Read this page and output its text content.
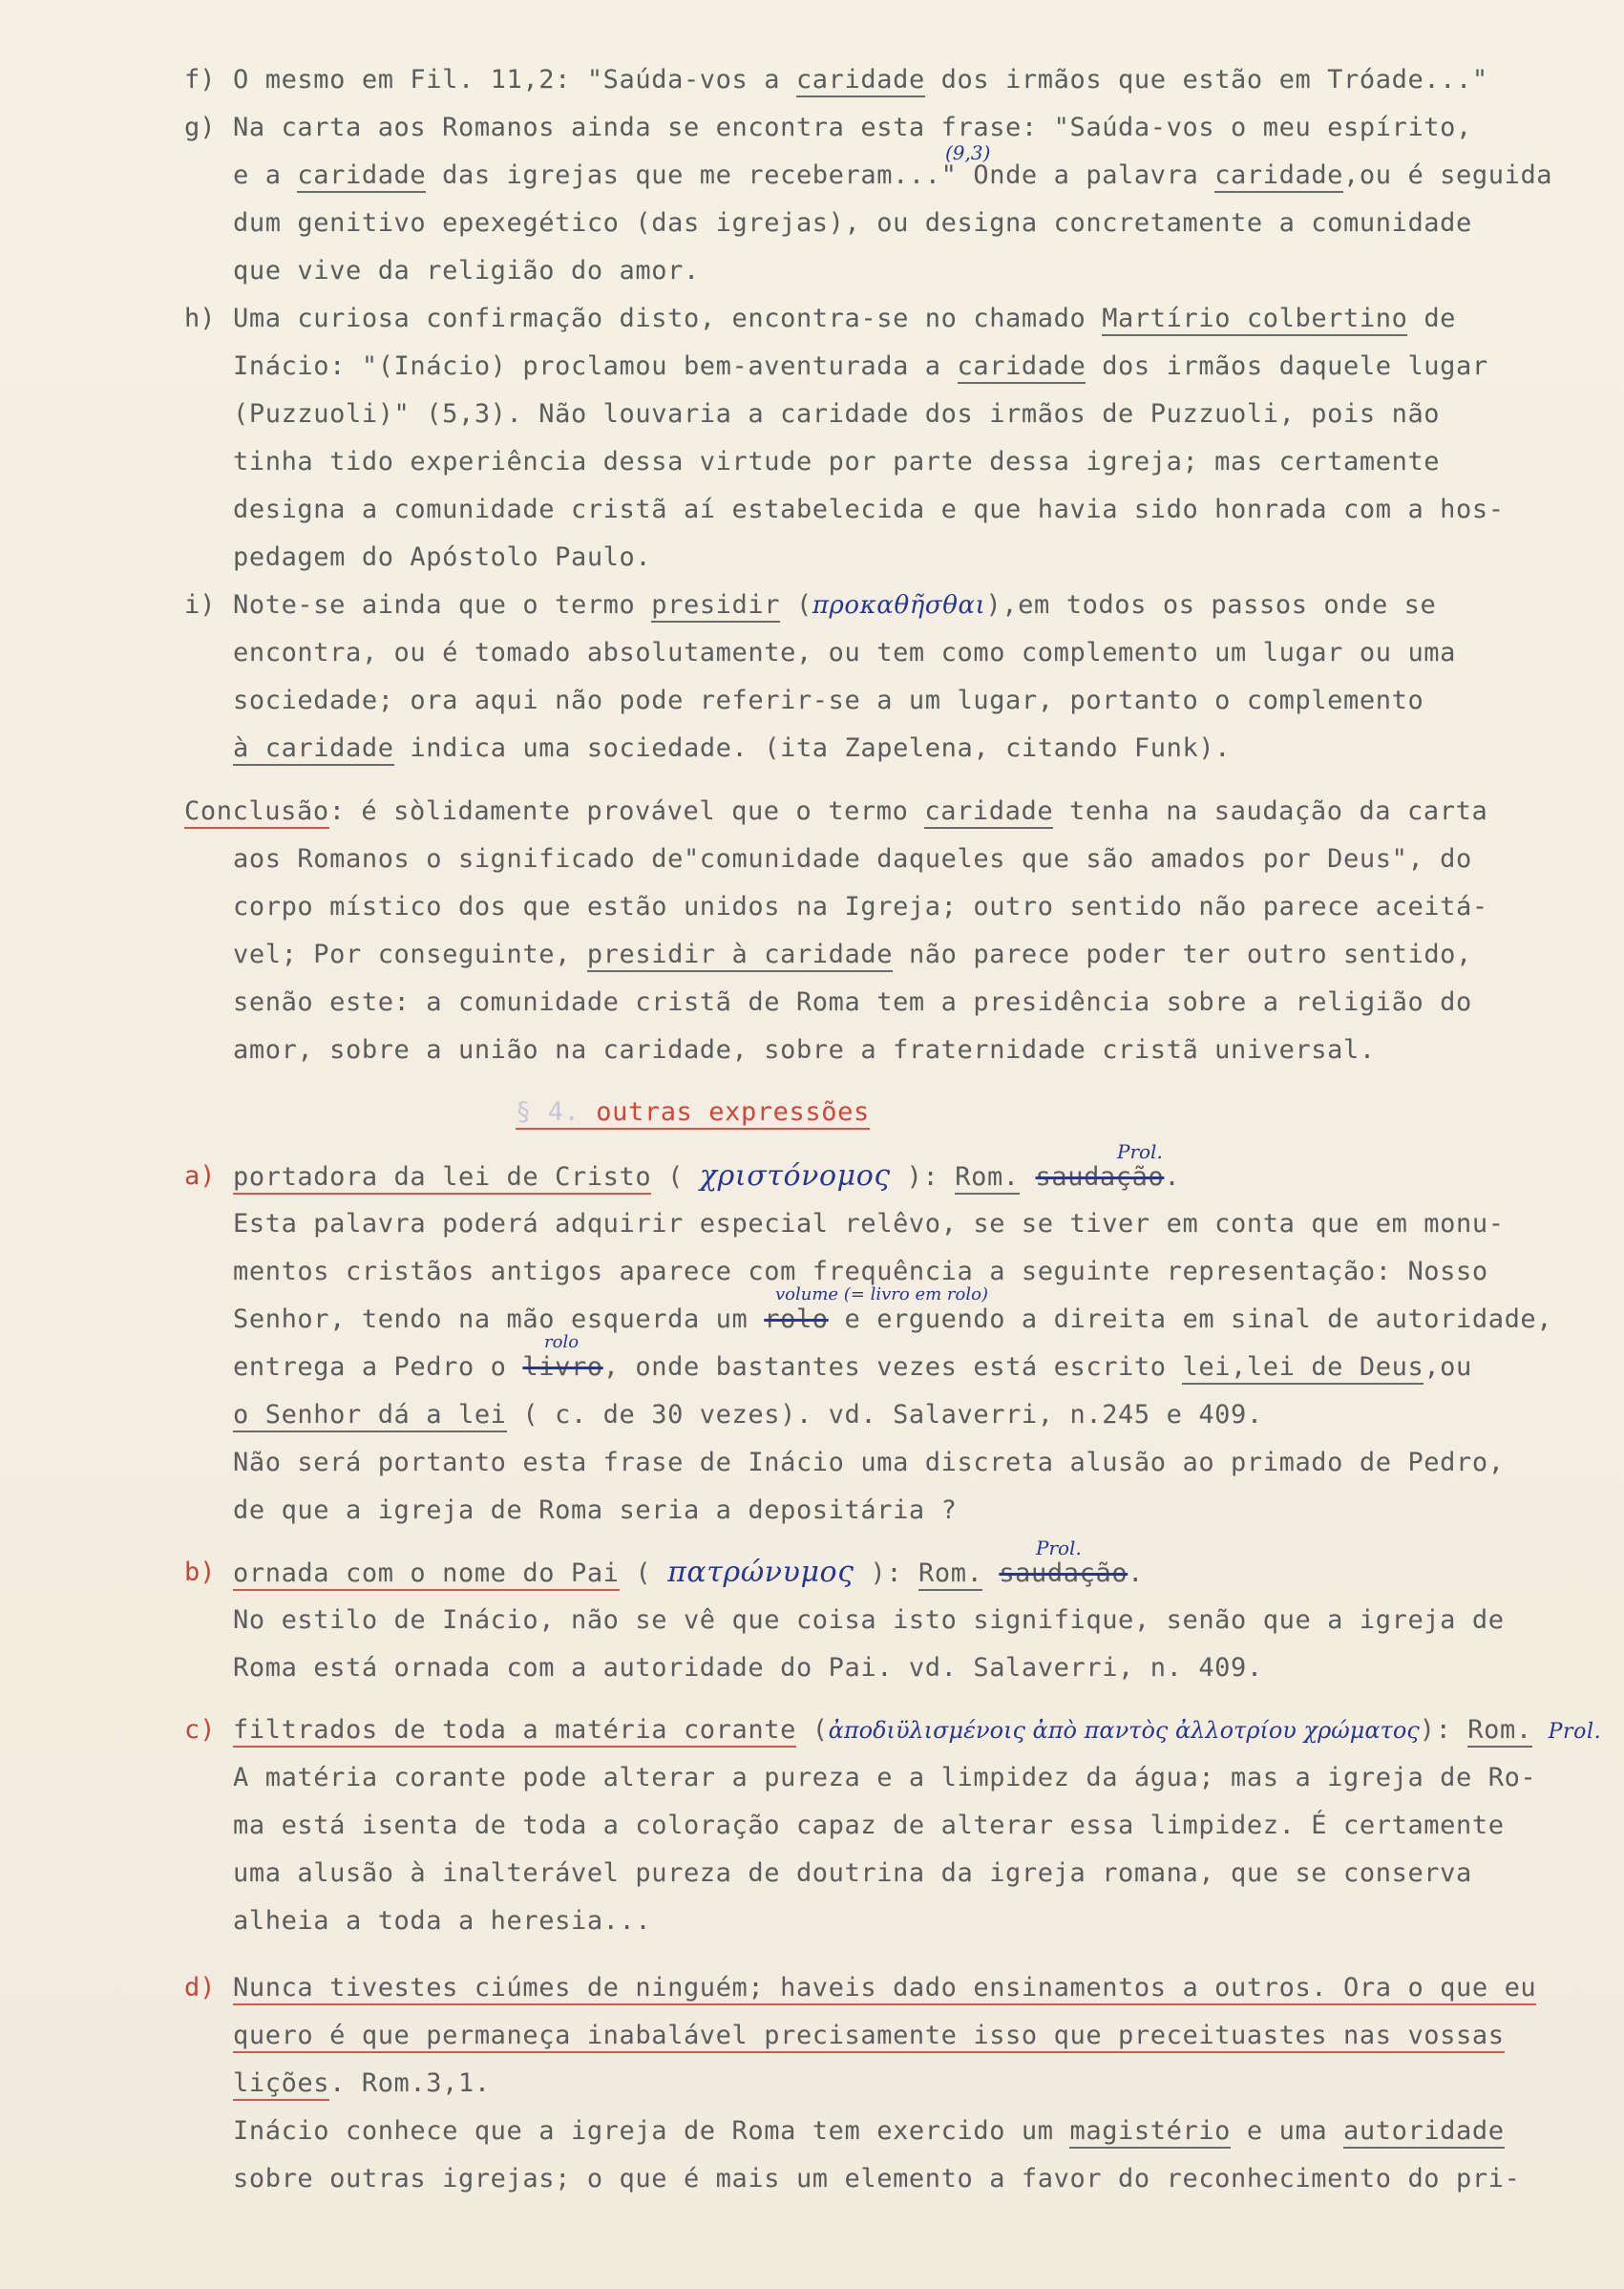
f) O mesmo em Fil. 11,2: "Saúda-vos a caridade dos irmãos que estão em Tróade..."
g) Na carta aos Romanos ainda se encontra esta frase: "Saúda-vos o meu espírito,
(9,3)
e a caridade das igrejas que me receberam..." Onde a palavra caridade,ou é seguida
dum genitivo epexegético (das igrejas), ou designa concretamente a comunidade
que vive da religião do amor.
h) Uma curiosa confirmação disto, encontra-se no chamado Martírio colbertino de
Inácio: "(Inácio) proclamou bem-aventurada a caridade dos irmãos daquele lugar
(Puzzuoli)" (5,3). Não louvaria a caridade dos irmãos de Puzzuoli, pois não
tinha tido experiência dessa virtude por parte dessa igreja; mas certamente
designa a comunidade cristã aí estabelecida e que havia sido honrada com a hos-
pedagem do Apóstolo Paulo.
i) Note-se ainda que o termo presidir (προκαθῆσθαι),em todos os passos onde se
encontra, ou é tomado absolutamente, ou tem como complemento um lugar ou uma
sociedade; ora aqui não pode referir-se a um lugar, portanto o complemento
à caridade indica uma sociedade. (ita Zapelena, citando Funk).
Conclusão: é sòlidamente provável que o termo caridade tenha na saudação da carta
aos Romanos o significado de"comunidade daqueles que são amados por Deus", do
corpo místico dos que estão unidos na Igreja; outro sentido não parece aceitá-
vel; Por conseguinte, presidir à caridade não parece poder ter outro sentido,
senão este: a comunidade cristã de Roma tem a presidência sobre a religião do
amor, sobre a união na caridade, sobre a fraternidade cristã universal.
§ 4. outras expressões
a)
Prol.
portadora da lei de Cristo ( χριστόνομος ): Rom. saudação.
Esta palavra poderá adquirir especial relêvo, se se tiver em conta que em monu-
mentos cristãos antigos aparece com frequência a seguinte representação: Nosso
volume (= livro em rolo)
Senhor, tendo na mão esquerda um rolo e erguendo a direita em sinal de autoridade,
rolo
entrega a Pedro o livro, onde bastantes vezes está escrito lei,lei de Deus,ou
o Senhor dá a lei ( c. de 30 vezes). vd. Salaverri, n.245 e 409.
Não será portanto esta frase de Inácio uma discreta alusão ao primado de Pedro,
de que a igreja de Roma seria a depositária ?
b)
Prol.
ornada com o nome do Pai ( πατρώνυμος ): Rom. saudação.
No estilo de Inácio, não se vê que coisa isto signifique, senão que a igreja de
Roma está ornada com a autoridade do Pai. vd. Salaverri, n. 409.
c) filtrados de toda a matéria corante (ἀποδιϋλισμένοις ἀπὸ παντὸς ἀλλοτρίου χρώματος): Rom. Prol.
A matéria corante pode alterar a pureza e a limpidez da água; mas a igreja de Ro-
ma está isenta de toda a coloração capaz de alterar essa limpidez. É certamente
uma alusão à inalterável pureza de doutrina da igreja romana, que se conserva
alheia a toda a heresia...
d) Nunca tivestes ciúmes de ninguém; haveis dado ensinamentos a outros. Ora o que eu
quero é que permaneça inabalável precisamente isso que preceituastes nas vossas
lições. Rom.3,1.
Inácio conhece que a igreja de Roma tem exercido um magistério e uma autoridade
sobre outras igrejas; o que é mais um elemento a favor do reconhecimento do pri-
